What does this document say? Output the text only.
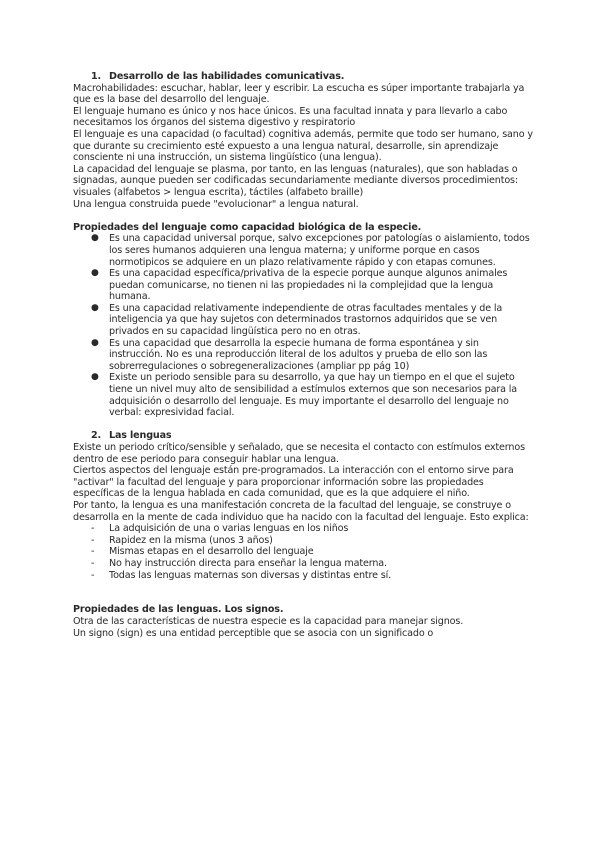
1. Desarrollo de las habilidades comunicativas.

Macrohabilidades: escuchar, hablar, leer y escribir. La escucha es súper importante trabajarla ya que es la base del desarrollo del lenguaje.

El lenguaje humano es único y nos hace únicos. Es una facultad innata y para llevarlo a cabo necesitamos los órganos del sistema digestivo y respiratorio

El lenguaje es una capacidad (o facultad) cognitiva además, permite que todo ser humano, sano y que durante su crecimiento esté expuesto a una lengua natural, desarrolle, sin aprendizaje consciente ni una instrucción, un sistema lingüístico (una lengua).

La capacidad del lenguaje se plasma, por tanto, en las lenguas (naturales), que son habladas o signadas, aunque pueden ser codificadas secundariamente mediante diversos procedimientos: visuales (alfabetos > lengua escrita), táctiles (alfabeto braille)

Una lengua construida puede "evolucionar" a lengua natural.

Propiedades del lenguaje como capacidad biológica de la especie.

●	Es una capacidad universal porque, salvo excepciones por patologías o aislamiento, todos los seres humanos adquieren una lengua materna; y uniforme porque en casos normotipicos se adquiere en un plazo relativamente rápido y con etapas comunes.
●	Es una capacidad específica/privativa de la especie porque aunque algunos animales puedan comunicarse, no tienen ni las propiedades ni la complejidad que la lengua humana.
●	Es una capacidad relativamente independiente de otras facultades mentales y de la inteligencia ya que hay sujetos con determinados trastornos adquiridos que se ven privados en su capacidad lingüística pero no en otras.
●	Es una capacidad que desarrolla la especie humana de forma espontánea y sin instrucción. No es una reproducción literal de los adultos y prueba de ello son las sobrerregulaciones o sobregeneralizaciones (ampliar pp pág 10)
●	Existe un periodo sensible para su desarrollo, ya que hay un tiempo en el que el sujeto tiene un nivel muy alto de sensibilidad a estímulos externos que son necesarios para la adquisición o desarrollo del lenguaje. Es muy importante el desarrollo del lenguaje no verbal: expresividad facial.
2. Las lenguas

Existe un periodo crítico/sensible y señalado, que se necesita el contacto con estímulos externos dentro de ese periodo para conseguir hablar una lengua.

Ciertos aspectos del lenguaje están pre-programados. La interacción con el entorno sirve para "activar" la facultad del lenguaje y para proporcionar información sobre las propiedades específicas de la lengua hablada en cada comunidad, que es la que adquiere el niño.

Por tanto, la lengua es una manifestación concreta de la facultad del lenguaje, se construye o desarrolla en la mente de cada individuo que ha nacido con la facultad del lenguaje. Esto explica:

-	La adquisición de una o varias lenguas en los niños
-	Rapidez en la misma (unos 3 años)
-	Mismas etapas en el desarrollo del lenguaje
-	No hay instrucción directa para enseñar la lengua materna.
-	Todas las lenguas maternas son diversas y distintas entre sí.

Propiedades de las lenguas. Los signos.

Otra de las características de nuestra especie es la capacidad para manejar signos.

Un signo (sign) es una entidad perceptible que se asocia con un significado o
